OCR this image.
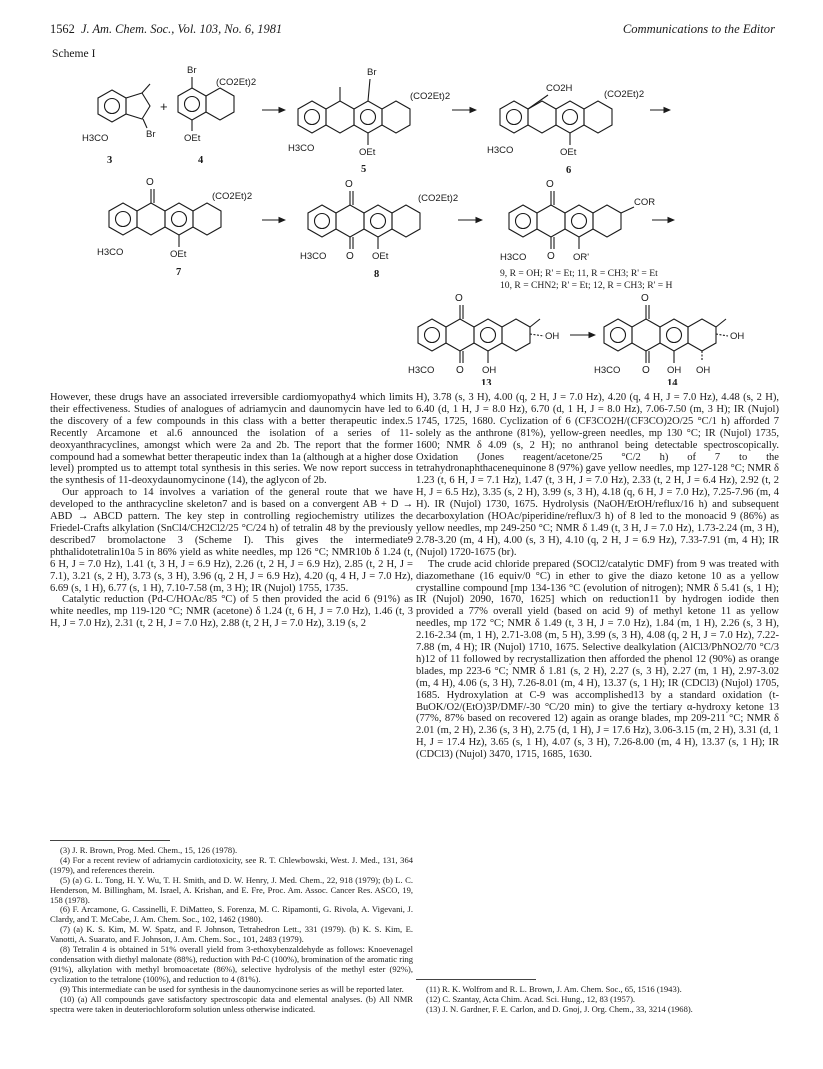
1562 J. Am. Chem. Soc., Vol. 103, No. 6, 1981	Communications to the Editor
Scheme I
H3CO	Br
3
+
Br
(CO2Et)2
OEt
4
Br
(CO2Et)2
H3CO	OEt
5
CO2H
(CO2Et)2
H3CO	OEt
6
O
(CO2Et)2
H3CO	OEt
7
O
O
(CO2Et)2
H3CO	OEt
8
O
O
COR
H3CO	OR'
9, R = OH; R' = Et; 11, R = CH3; R' = Et
10, R = CHN2; R' = Et; 12, R = CH3; R' = H
O
O
H3CO	OH
OH
13
O
O
H3CO	OH
OH
OH
14

However, these drugs have an associated irreversible cardiomyopathy4 which limits their effectiveness. Studies of analogues of adriamycin and daunomycin have led to the discovery of a few compounds in this class with a better therapeutic index.5 Recently Arcamone et al.6 announced the isolation of a series of 11-deoxyanthracyclines, amongst which were 2a and 2b. The report that the former compound had a somewhat better therapeutic index than 1a (although at a higher dose level) prompted us to attempt total synthesis in this series. We now report success in the synthesis of 11-deoxydaunomycinone (14), the aglycon of 2b.

Our approach to 14 involves a variation of the general route that we have developed to the anthracycline skeleton7 and is based on a convergent AB + D → ABD → ABCD pattern. The key step in controlling regiochemistry utilizes the Friedel-Crafts alkylation (SnCl4/CH2Cl2/25 °C/24 h) of tetralin 48 by the previously described7 bromolactone 3 (Scheme I). This gives the intermediate9 phthalidotetralin10a 5 in 86% yield as white needles, mp 126 °C; NMR10b δ 1.24 (t, 6 H, J = 7.0 Hz), 1.41 (t, 3 H, J = 6.9 Hz), 2.26 (t, 2 H, J = 6.9 Hz), 2.85 (t, 2 H, J = 7.1), 3.21 (s, 2 H), 3.73 (s, 3 H), 3.96 (q, 2 H, J = 6.9 Hz), 4.20 (q, 4 H, J = 7.0 Hz), 6.69 (s, 1 H), 6.77 (s, 1 H), 7.10-7.58 (m, 3 H); IR (Nujol) 1755, 1735.

Catalytic reduction (Pd-C/HOAc/85 °C) of 5 then provided the acid 6 (91%) as white needles, mp 119-120 °C; NMR (acetone) δ 1.24 (t, 6 H, J = 7.0 Hz), 1.46 (t, 3 H, J = 7.0 Hz), 2.31 (t, 2 H, J = 7.0 Hz), 2.88 (t, 2 H, J = 7.0 Hz), 3.19 (s, 2

H), 3.78 (s, 3 H), 4.00 (q, 2 H, J = 7.0 Hz), 4.20 (q, 4 H, J = 7.0 Hz), 4.48 (s, 2 H), 6.40 (d, 1 H, J = 8.0 Hz), 6.70 (d, 1 H, J = 8.0 Hz), 7.06-7.50 (m, 3 H); IR (Nujol) 1745, 1725, 1680. Cyclization of 6 (CF3CO2H/(CF3CO)2O/25 °C/1 h) afforded 7 solely as the anthrone (81%), yellow-green needles, mp 130 °C; IR (Nujol) 1735, 1600; NMR δ 4.09 (s, 2 H); no anthranol being detectable spectroscopically. Oxidation (Jones reagent/acetone/25 °C/2 h) of 7 to the tetrahydronaphthacenequinone 8 (97%) gave yellow needles, mp 127-128 °C; NMR δ 1.23 (t, 6 H, J = 7.1 Hz), 1.47 (t, 3 H, J = 7.0 Hz), 2.33 (t, 2 H, J = 6.4 Hz), 2.92 (t, 2 H, J = 6.5 Hz), 3.35 (s, 2 H), 3.99 (s, 3 H), 4.18 (q, 6 H, J = 7.0 Hz), 7.25-7.96 (m, 4 H). IR (Nujol) 1730, 1675. Hydrolysis (NaOH/EtOH/reflux/16 h) and subsequent decarboxylation (HOAc/piperidine/reflux/3 h) of 8 led to the monoacid 9 (86%) as yellow needles, mp 249-250 °C; NMR δ 1.49 (t, 3 H, J = 7.0 Hz), 1.73-2.24 (m, 3 H), 2.78-3.20 (m, 4 H), 4.00 (s, 3 H), 4.10 (q, 2 H, J = 6.9 Hz), 7.33-7.91 (m, 4 H); IR (Nujol) 1720-1675 (br).

The crude acid chloride prepared (SOCl2/catalytic DMF) from 9 was treated with diazomethane (16 equiv/0 °C) in ether to give the diazo ketone 10 as a yellow crystalline compound [mp 134-136 °C (evolution of nitrogen); NMR δ 5.41 (s, 1 H); IR (Nujol) 2090, 1670, 1625] which on reduction11 by hydrogen iodide then provided a 77% overall yield (based on acid 9) of methyl ketone 11 as yellow needles, mp 172 °C; NMR δ 1.49 (t, 3 H, J = 7.0 Hz), 1.84 (m, 1 H), 2.26 (s, 3 H), 2.16-2.34 (m, 1 H), 2.71-3.08 (m, 5 H), 3.99 (s, 3 H), 4.08 (q, 2 H, J = 7.0 Hz), 7.22-7.88 (m, 4 H); IR (Nujol) 1710, 1675. Selective dealkylation (AlCl3/PhNO2/70 °C/3 h)12 of 11 followed by recrystallization then afforded the phenol 12 (90%) as orange blades, mp 223-6 °C; NMR δ 1.81 (s, 2 H), 2.27 (s, 3 H), 2.27 (m, 1 H), 2.97-3.02 (m, 4 H), 4.06 (s, 3 H), 7.26-8.01 (m, 4 H), 13.37 (s, 1 H); IR (CDCl3) (Nujol) 1705, 1685. Hydroxylation at C-9 was accomplished13 by a standard oxidation (t-BuOK/O2/(EtO)3P/DMF/-30 °C/20 min) to give the tertiary α-hydroxy ketone 13 (77%, 87% based on recovered 12) again as orange blades, mp 209-211 °C; NMR δ 2.01 (m, 2 H), 2.36 (s, 3 H), 2.75 (d, 1 H), J = 17.6 Hz), 3.06-3.15 (m, 2 H), 3.31 (d, 1 H, J = 17.4 Hz), 3.65 (s, 1 H), 4.07 (s, 3 H), 7.26-8.00 (m, 4 H), 13.37 (s, 1 H); IR (CDCl3) (Nujol) 3470, 1715, 1685, 1630.

(3) J. R. Brown, Prog. Med. Chem., 15, 126 (1978).

(4) For a recent review of adriamycin cardiotoxicity, see R. T. Chlewbowski, West. J. Med., 131, 364 (1979), and references therein.

(5) (a) G. L. Tong, H. Y. Wu, T. H. Smith, and D. W. Henry, J. Med. Chem., 22, 918 (1979); (b) L. C. Henderson, M. Billingham, M. Israel, A. Krishan, and E. Fre, Proc. Am. Assoc. Cancer Res. ASCO, 19, 158 (1978).

(6) F. Arcamone, G. Cassinelli, F. DiMatteo, S. Forenza, M. C. Ripamonti, G. Rivola, A. Vigevani, J. Clardy, and T. McCabe, J. Am. Chem. Soc., 102, 1462 (1980).

(7) (a) K. S. Kim, M. W. Spatz, and F. Johnson, Tetrahedron Lett., 331 (1979). (b) K. S. Kim, E. Vanotti, A. Suarato, and F. Johnson, J. Am. Chem. Soc., 101, 2483 (1979).

(8) Tetralin 4 is obtained in 51% overall yield from 3-ethoxybenzaldehyde as follows: Knoevenagel condensation with diethyl malonate (88%), reduction with Pd-C (100%), bromination of the aromatic ring (91%), alkylation with methyl bromoacetate (86%), selective hydrolysis of the methyl ester (92%), cyclization to the tetralone (100%), and reduction to 4 (81%).

(9) This intermediate can be used for synthesis in the daunomycinone series as will be reported later.

(10) (a) All compounds gave satisfactory spectroscopic data and elemental analyses. (b) All NMR spectra were taken in deuteriochloroform solution unless otherwise indicated.

(11) R. K. Wolfrom and R. L. Brown, J. Am. Chem. Soc., 65, 1516 (1943).

(12) C. Szantay, Acta Chim. Acad. Sci. Hung., 12, 83 (1957).

(13) J. N. Gardner, F. E. Carlon, and D. Gnoj, J. Org. Chem., 33, 3214 (1968).
